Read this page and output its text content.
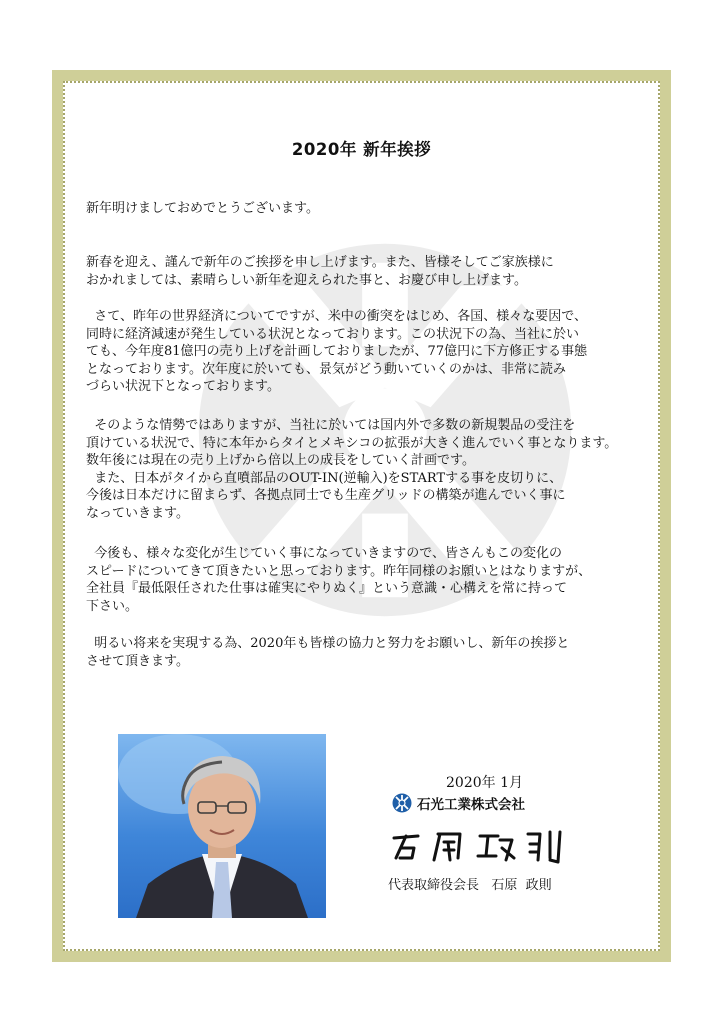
2020年 新年挨拶

新年明けましておめでとうございます。

新春を迎え、謹んで新年のご挨拶を申し上げます。また、皆様そしてご家族様に

おかれましては、素晴らしい新年を迎えられた事と、お慶び申し上げます。

さて、昨年の世界経済についてですが、米中の衝突をはじめ、各国、様々な要因で、

同時に経済減速が発生している状況となっております。この状況下の為、当社に於い

ても、今年度81億円の売り上げを計画しておりましたが、77億円に下方修正する事態

となっております。次年度に於いても、景気がどう動いていくのかは、非常に読み

づらい状況下となっております。

そのような情勢ではありますが、当社に於いては国内外で多数の新規製品の受注を

頂けている状況で、特に本年からタイとメキシコの拡張が大きく進んでいく事となります。

数年後には現在の売り上げから倍以上の成長をしていく計画です。

また、日本がタイから直噴部品のOUT-IN(逆輸入)をSTARTする事を皮切りに、

今後は日本だけに留まらず、各拠点同士でも生産グリッドの構築が進んでいく事に

なっていきます。

今後も、様々な変化が生じていく事になっていきますので、皆さんもこの変化の

スピードについてきて頂きたいと思っております。昨年同様のお願いとはなりますが、

全社員『最低限任された仕事は確実にやりぬく』という意識・心構えを常に持って

下さい。

明るい将来を実現する為、2020年も皆様の協力と努力をお願いし、新年の挨拶と

させて頂きます。

2020年 1月
石光工業株式会社
代表取締役会長   石原  政則
